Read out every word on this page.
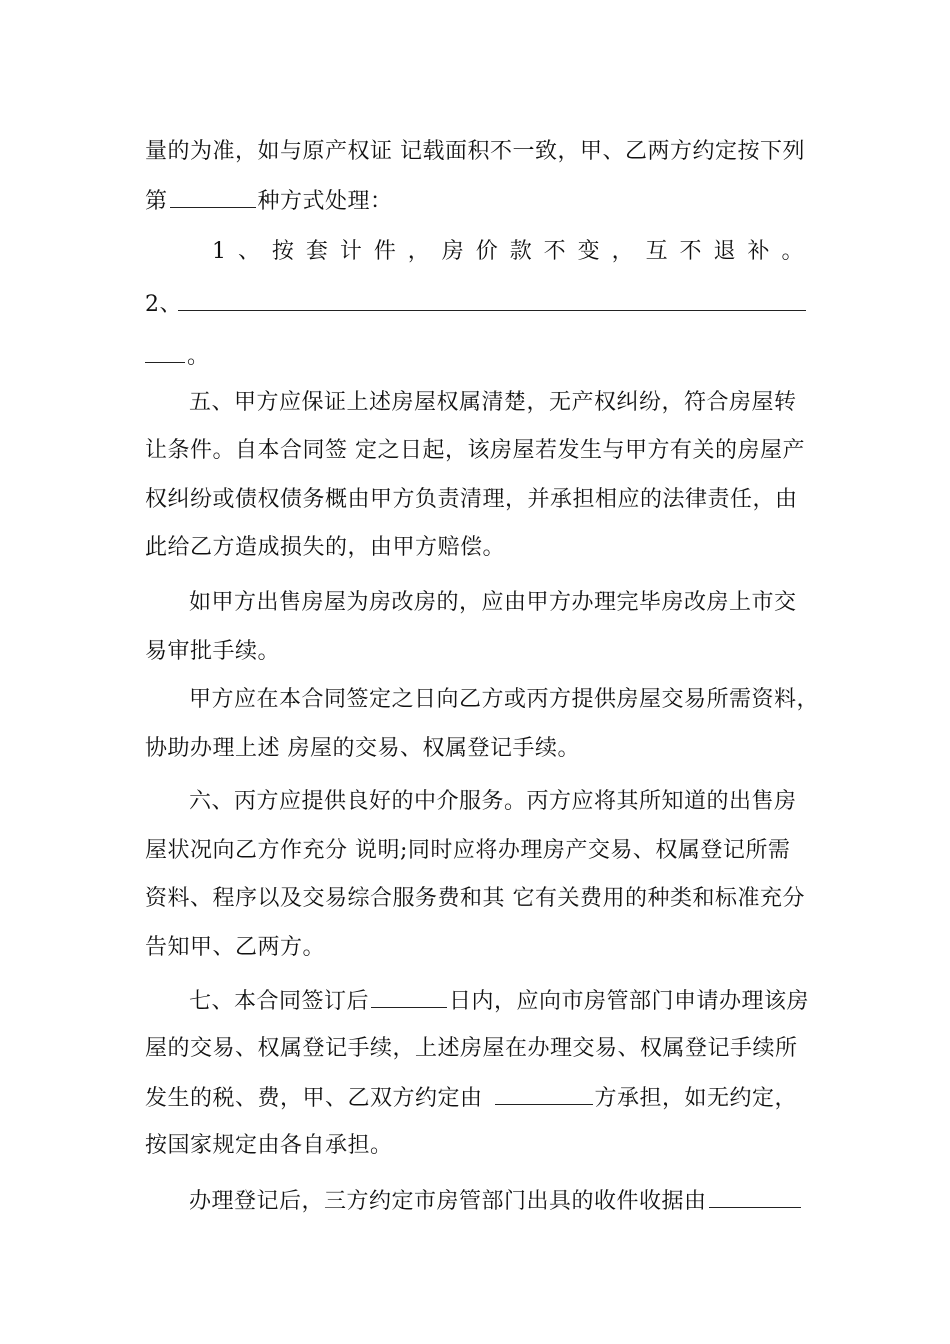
量的为准，如与原产权证 记载面积不一致，甲、乙两方约定按下列
第	种方式处理：
1 、 按 套 计 件 ， 房 价 款 不 变 ， 互 不 退 补 。
2、
。
五、甲方应保证上述房屋权属清楚，无产权纠纷，符合房屋转
让条件。自本合同签 定之日起，该房屋若发生与甲方有关的房屋产
权纠纷或债权债务概由甲方负责清理，并承担相应的法律责任，由
此给乙方造成损失的，由甲方赔偿。
如甲方出售房屋为房改房的，应由甲方办理完毕房改房上市交
易审批手续。
甲方应在本合同签定之日向乙方或丙方提供房屋交易所需资料，
协助办理上述 房屋的交易、权属登记手续。
六、丙方应提供良好的中介服务。丙方应将其所知道的出售房
屋状况向乙方作充分 说明;同时应将办理房产交易、权属登记所需
资料、程序以及交易综合服务费和其 它有关费用的种类和标准充分
告知甲、乙两方。
七、本合同签订后	日内，应向市房管部门申请办理该房
屋的交易、权属登记手续，上述房屋在办理交易、权属登记手续所
发生的税、费，甲、乙双方约定由	方承担，如无约定，
按国家规定由各自承担。
办理登记后，三方约定市房管部门出具的收件收据由
